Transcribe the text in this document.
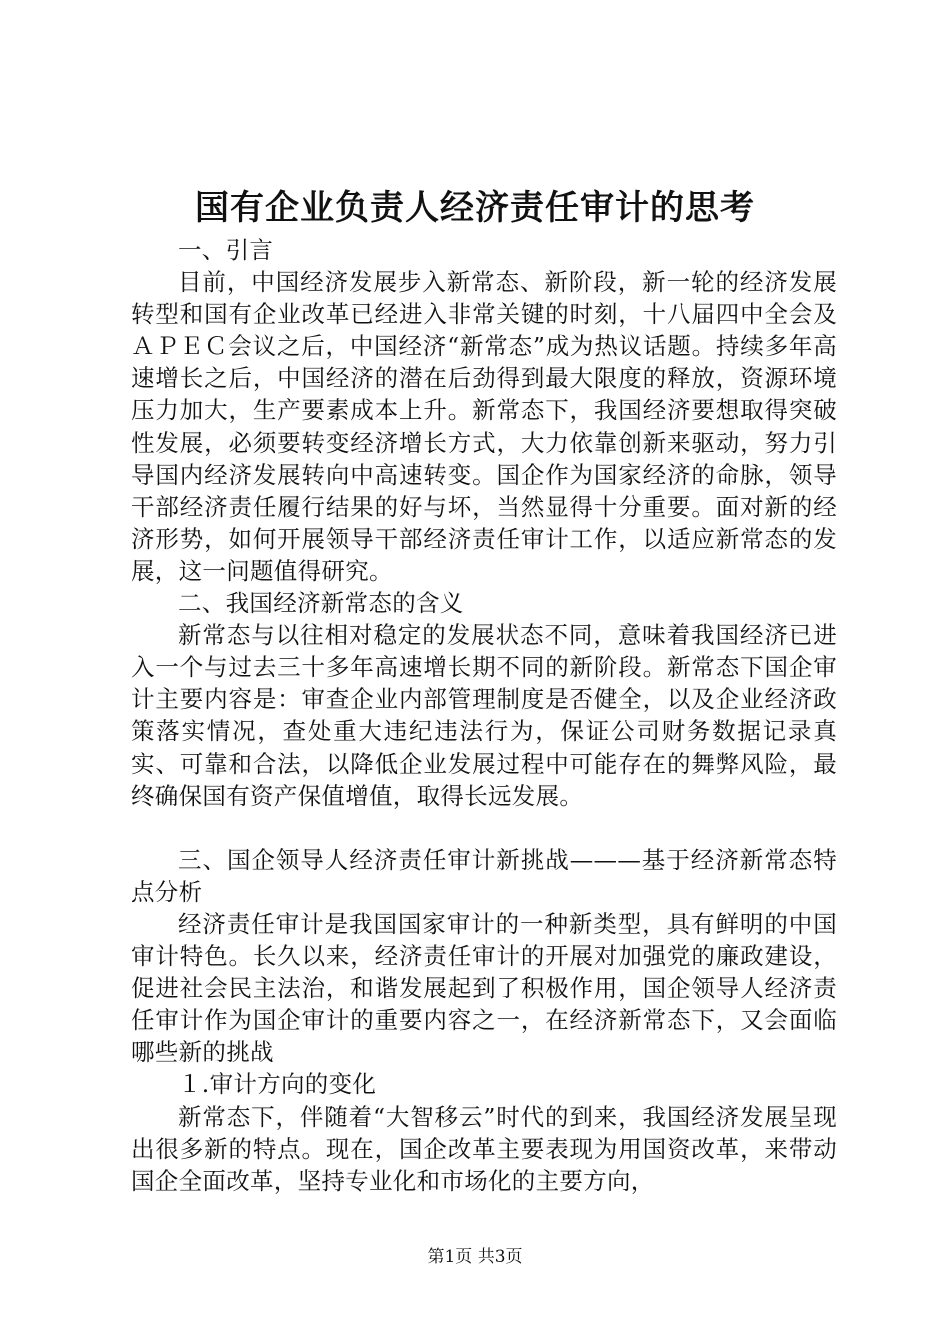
国有企业负责人经济责任审计的思考

一、引言

目前，中国经济发展步入新常态、新阶段，新一轮的经济发展转型和国有企业改革已经进入非常关键的时刻，十八届四中全会及ＡＰＥＣ会议之后，中国经济“新常态”成为热议话题。持续多年高速增长之后，中国经济的潜在后劲得到最大限度的释放，资源环境压力加大，生产要素成本上升。新常态下，我国经济要想取得突破性发展，必须要转变经济增长方式，大力依靠创新来驱动，努力引导国内经济发展转向中高速转变。国企作为国家经济的命脉，领导干部经济责任履行结果的好与坏，当然显得十分重要。面对新的经济形势，如何开展领导干部经济责任审计工作，以适应新常态的发展，这一问题值得研究。

二、我国经济新常态的含义

新常态与以往相对稳定的发展状态不同，意味着我国经济已进入一个与过去三十多年高速增长期不同的新阶段。新常态下国企审计主要内容是：审查企业内部管理制度是否健全，以及企业经济政策落实情况，查处重大违纪违法行为，保证公司财务数据记录真实、可靠和合法，以降低企业发展过程中可能存在的舞弊风险，最终确保国有资产保值增值，取得长远发展。

三、国企领导人经济责任审计新挑战———基于经济新常态特点分析

经济责任审计是我国国家审计的一种新类型，具有鲜明的中国审计特色。长久以来，经济责任审计的开展对加强党的廉政建设，促进社会民主法治，和谐发展起到了积极作用，国企领导人经济责任审计作为国企审计的重要内容之一，在经济新常态下，又会面临哪些新的挑战

１.审计方向的变化

新常态下，伴随着“大智移云”时代的到来，我国经济发展呈现出很多新的特点。现在，国企改革主要表现为用国资改革，来带动国企全面改革，坚持专业化和市场化的主要方向，

第1页 共3页
